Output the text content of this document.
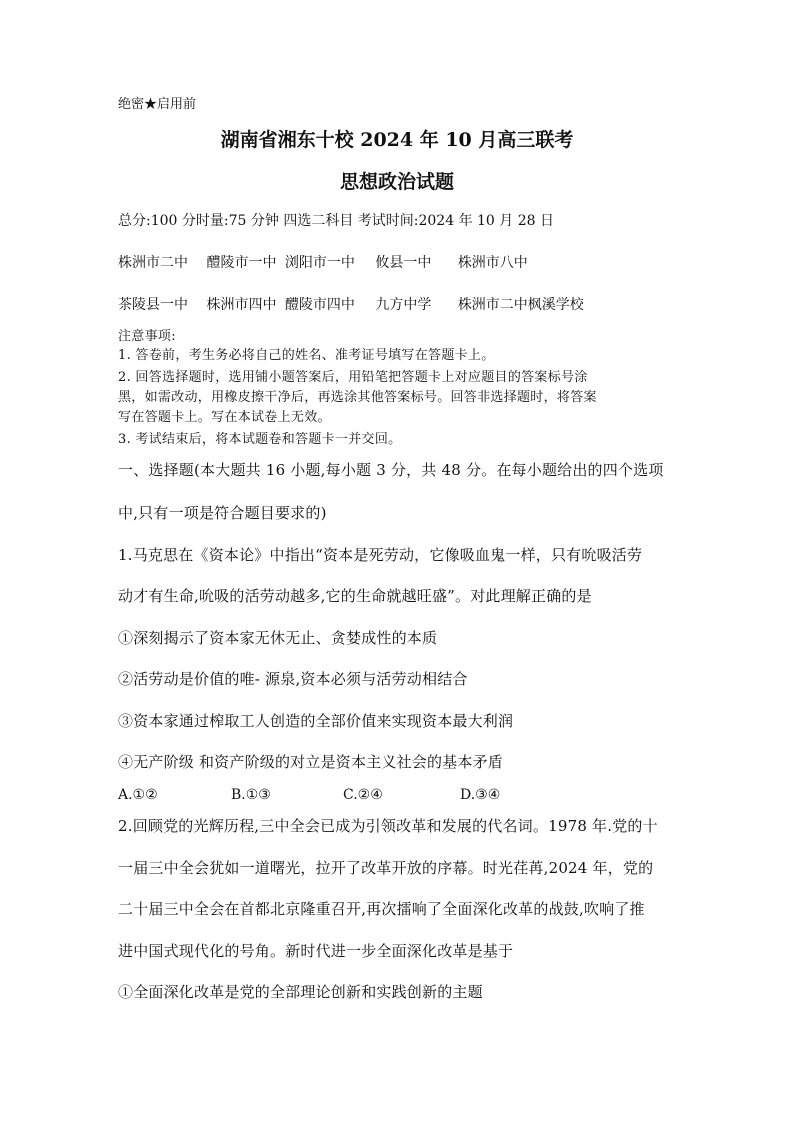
绝密★启用前
湖南省湘东十校 2024 年 10 月高三联考
思想政治试题
总分:100 分时量:75 分钟 四选二科目 考试时间:2024 年 10 月 28 日
株洲市二中 醴陵市一中 浏阳市一中 攸县一中 株洲市八中
茶陵县一中 株洲市四中 醴陵市四中 九方中学 株洲市二中枫溪学校
注意事项:
1. 答卷前，考生务必将自己的姓名、准考证号填写在答题卡上。
2. 回答选择题时，选用铺小题答案后，用铅笔把答题卡上对应题目的答案标号涂
黑，如需改动，用橡皮擦干净后，再选涂其他答案标号。回答非选择题时，将答案
写在答题卡上。写在本试卷上无效。
3. 考试结束后，将本试题卷和答题卡一并交回。
一、选择题(本大题共 16 小题,每小题 3 分，共 48 分。在每小题给出的四个选项
中,只有一项是符合题目要求的)
1.马克思在《资本论》中指出“资本是死劳动，它像吸血鬼一样，只有吮吸活劳
动才有生命,吮吸的活劳动越多,它的生命就越旺盛”。对此理解正确的是
①深刻揭示了资本家无休无止、贪婪成性的本质
②活劳动是价值的唯- 源泉,资本必须与活劳动相结合
③资本家通过榨取工人创造的全部价值来实现资本最大利润
④无产阶级 和资产阶级的对立是资本主义社会的基本矛盾
A.①②	B.①③	C.②④	D.③④
2.回顾党的光辉历程,三中全会已成为引领改革和发展的代名词。1978 年.党的十
一届三中全会犹如一道曙光，拉开了改革开放的序幕。时光荏苒,2024 年，党的
二十届三中全会在首都北京隆重召开,再次擂响了全面深化改革的战鼓,吹响了推
进中国式现代化的号角。新时代进一步全面深化改革是基于
①全面深化改革是党的全部理论创新和实践创新的主题
